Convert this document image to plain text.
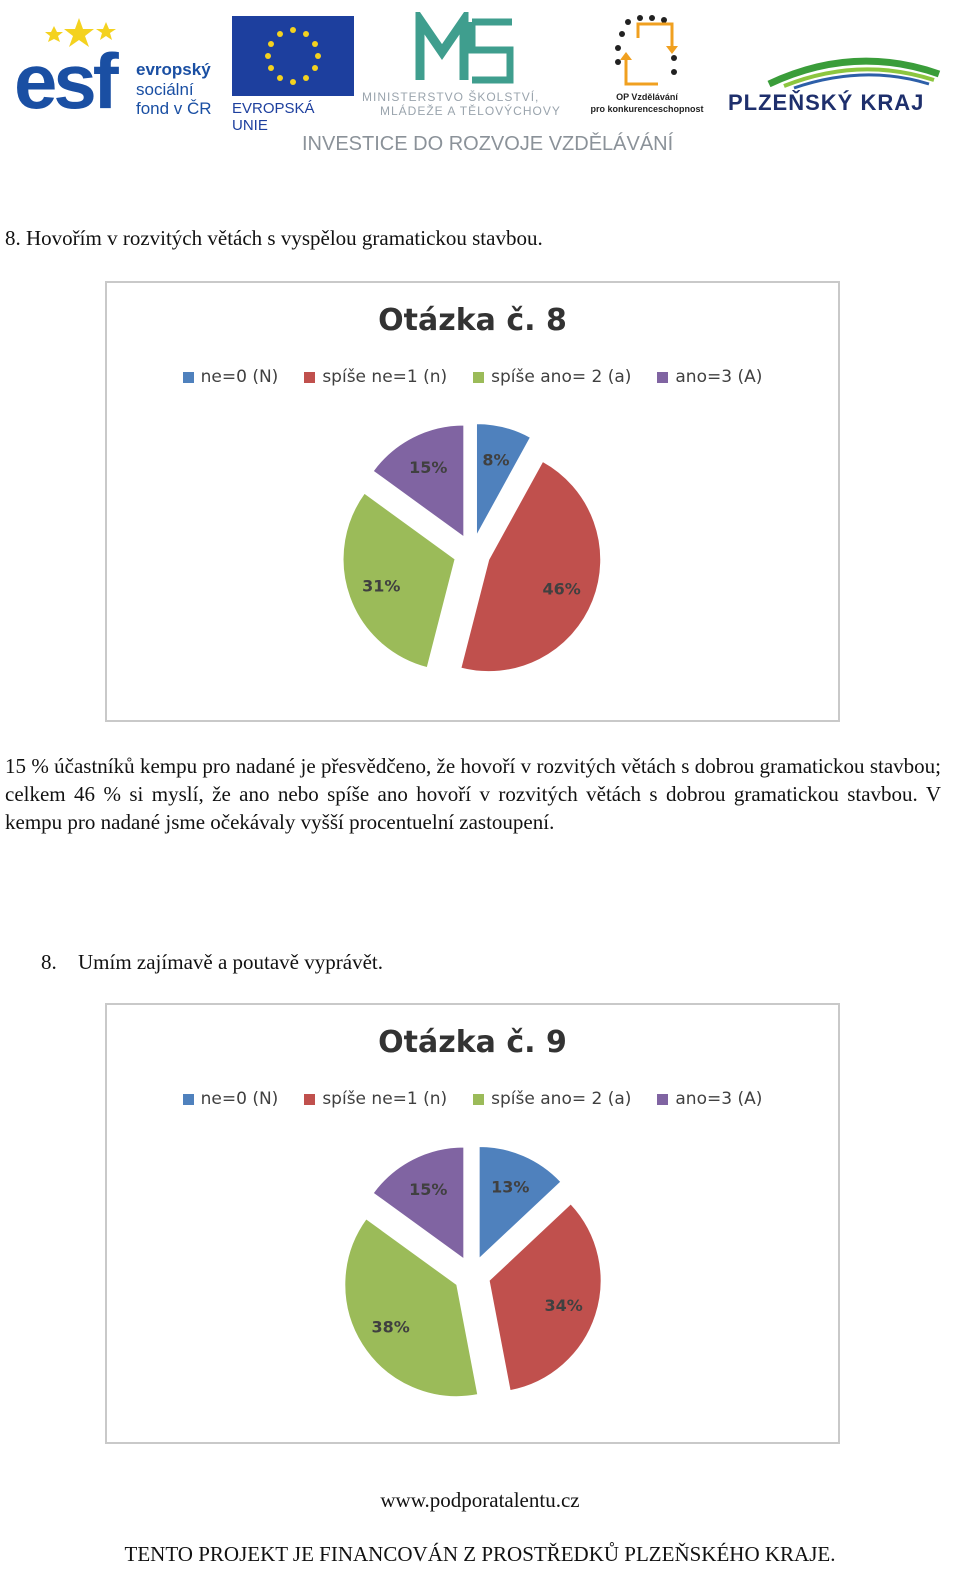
esf evropský
sociální
fond v ČR EVROPSKÁ UNIE
MINISTERSTVO ŠKOLSTVÍ,
MLÁDEŽE A TĚLOVÝCHOVY
OP Vzdělávání
pro konkurenceschopnost	PLZEŇSKÝ KRAJ
INVESTICE DO ROZVOJE VZDĚLÁVÁNÍ
8. Hovořím v rozvitých větách s vyspělou gramatickou stavbou.
Otázka č. 8
ne=0 (N)	spíše ne=1 (n)	spíše ano= 2 (a)	ano=3 (A)
8%
46%
31%
15%
15 % účastníků kempu pro nadané je přesvědčeno, že hovoří v rozvitých větách s dobrou gramatickou stavbou; celkem 46 % si myslí, že ano nebo spíše ano hovoří v rozvitých větách s dobrou gramatickou stavbou. V kempu pro nadané jsme očekávaly vyšší procentuelní zastoupení.
8. Umím zajímavě a poutavě vyprávět.
Otázka č. 9
ne=0 (N)	spíše ne=1 (n)	spíše ano= 2 (a)	ano=3 (A)
13%
34%
38%
15%
www.podporatalentu.cz
TENTO PROJEKT JE FINANCOVÁN Z PROSTŘEDKŮ PLZEŇSKÉHO KRAJE.
